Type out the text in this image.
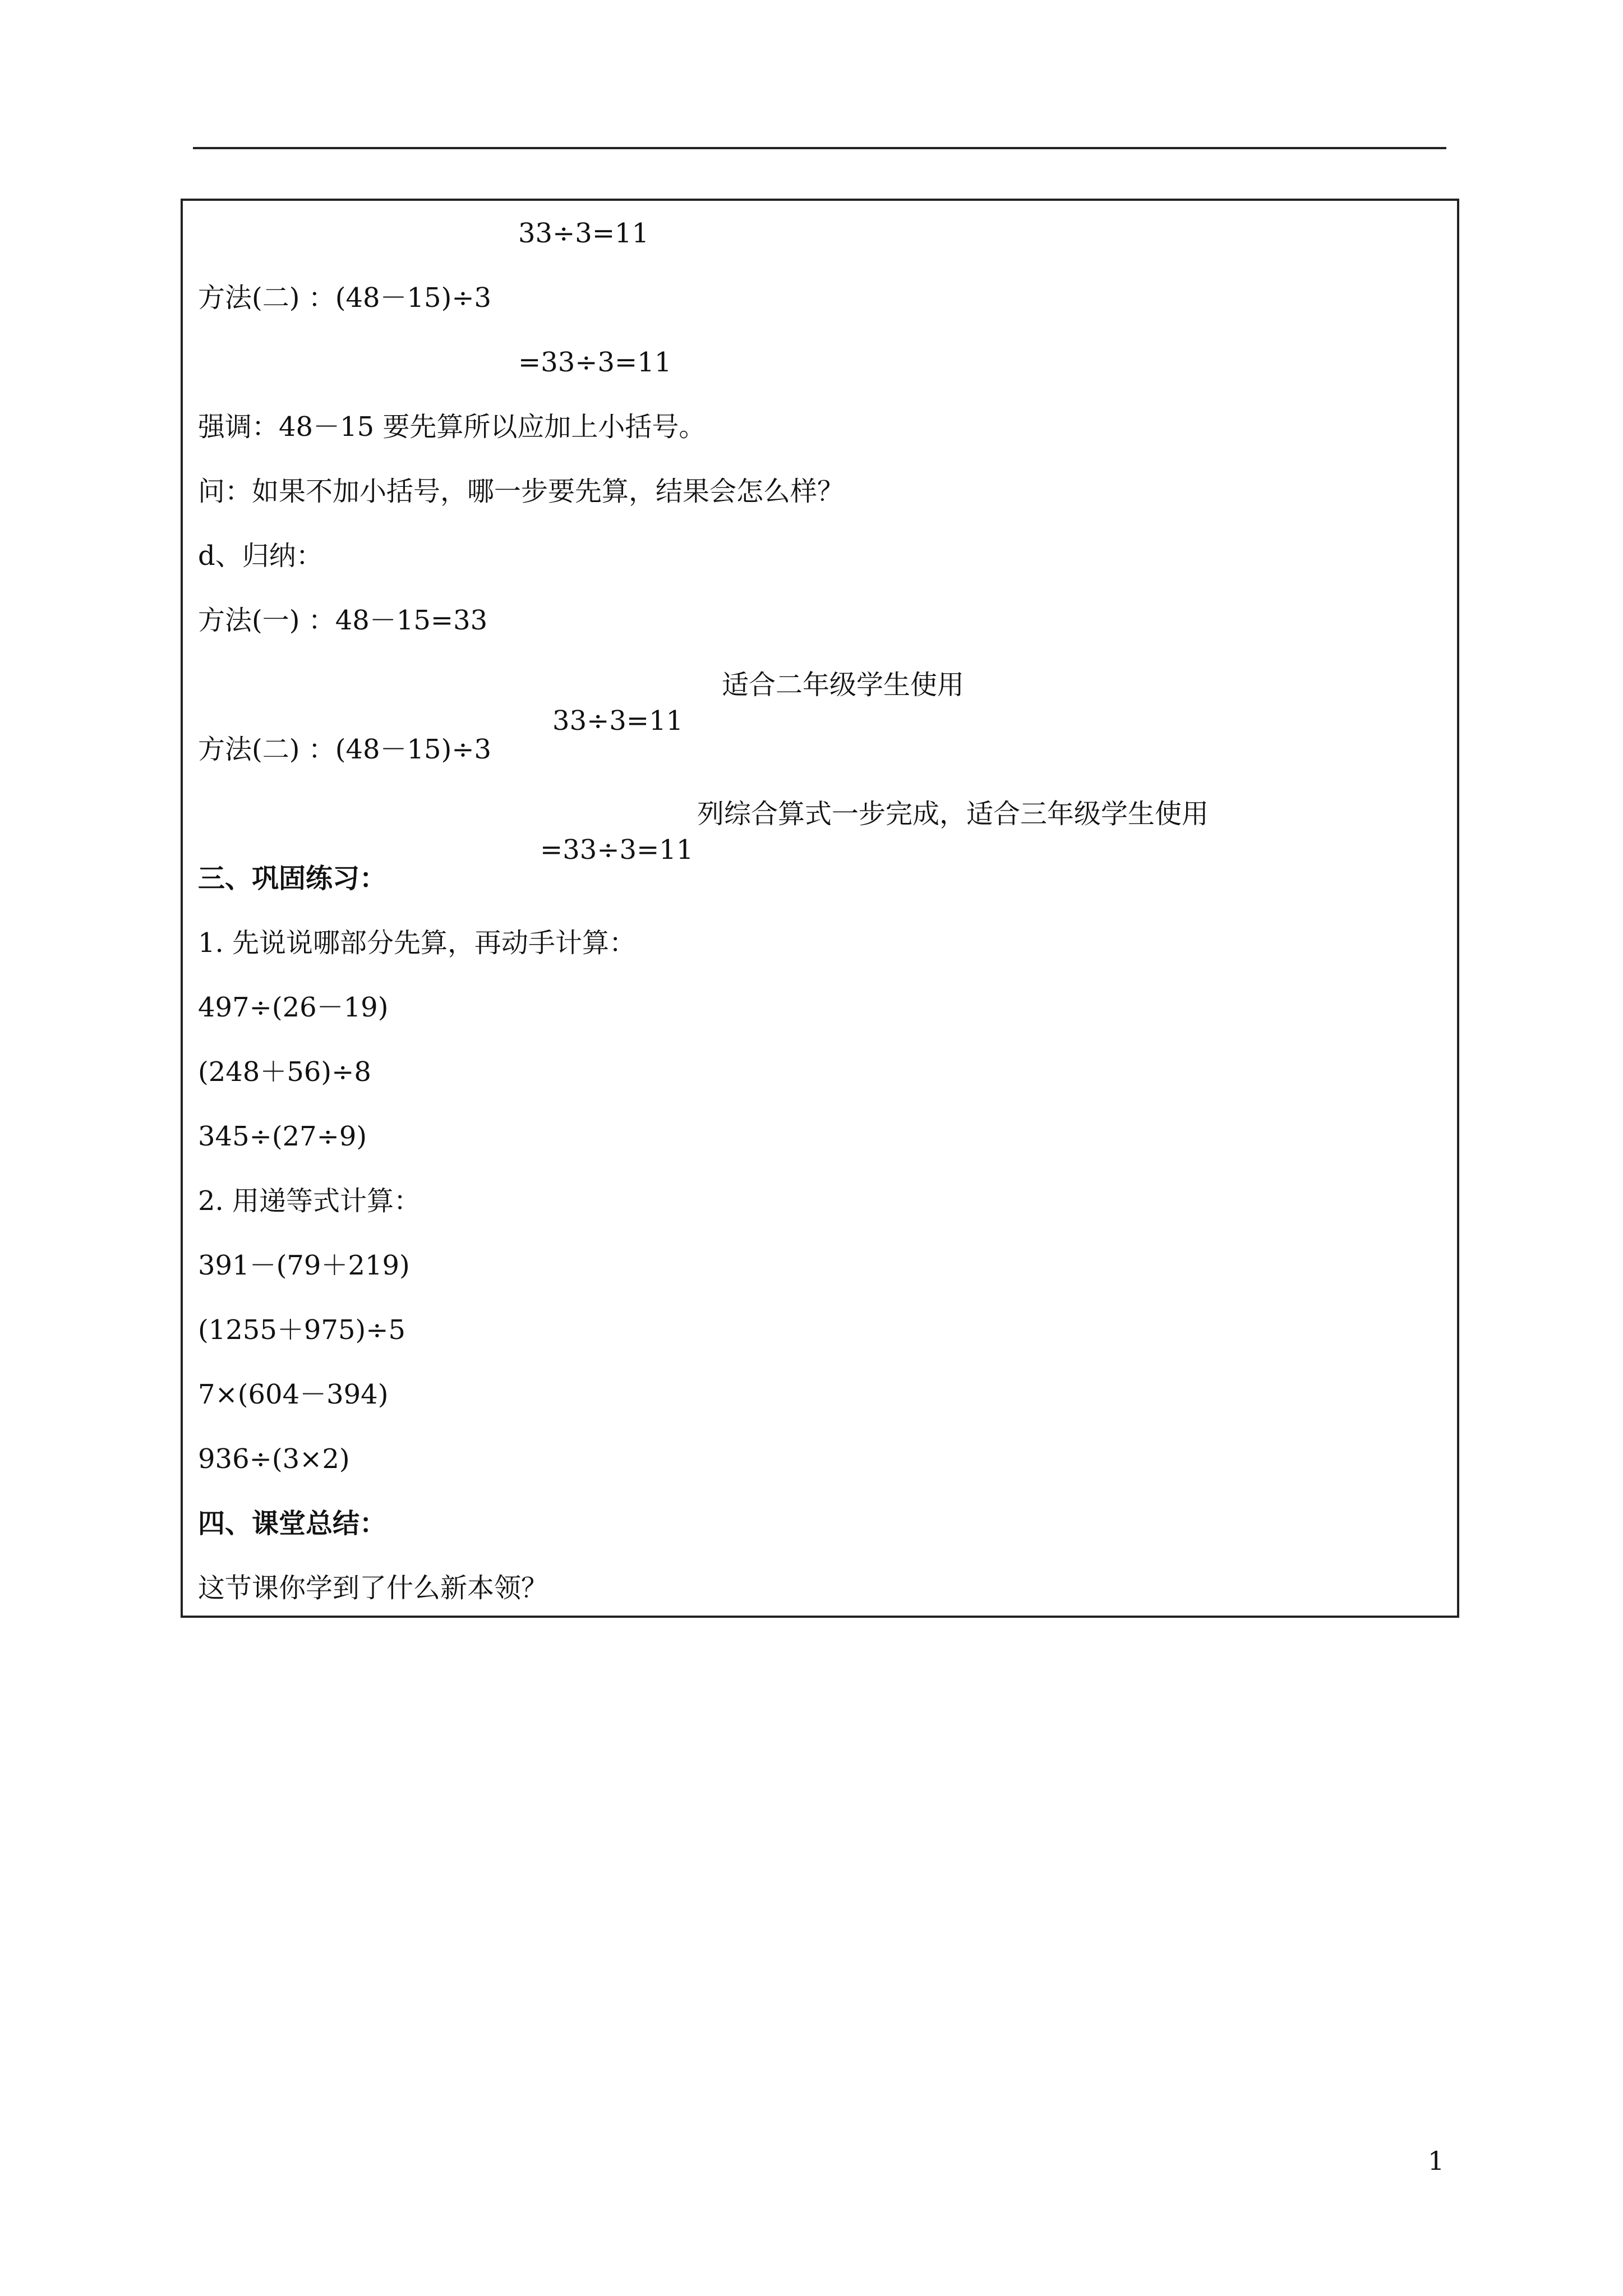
33÷3=11
方法(二) ：(48－15)÷3
=33÷3=11
强调：48－15 要先算所以应加上小括号。
问：如果不加小括号，哪一步要先算，结果会怎么样？
d、归纳：
方法(一) ：48－15=33

33÷3=11

适合二年级学生使用

方法(二) ：(48－15)÷3

=33÷3=11

列综合算式一步完成，适合三年级学生使用

三、巩固练习：
1. 先说说哪部分先算，再动手计算：
497÷(26－19)
(248＋56)÷8
345÷(27÷9)
2. 用递等式计算：
391－(79＋219)
(1255＋975)÷5
7×(604－394)
936÷(3×2)
四、课堂总结：
这节课你学到了什么新本领？
1
